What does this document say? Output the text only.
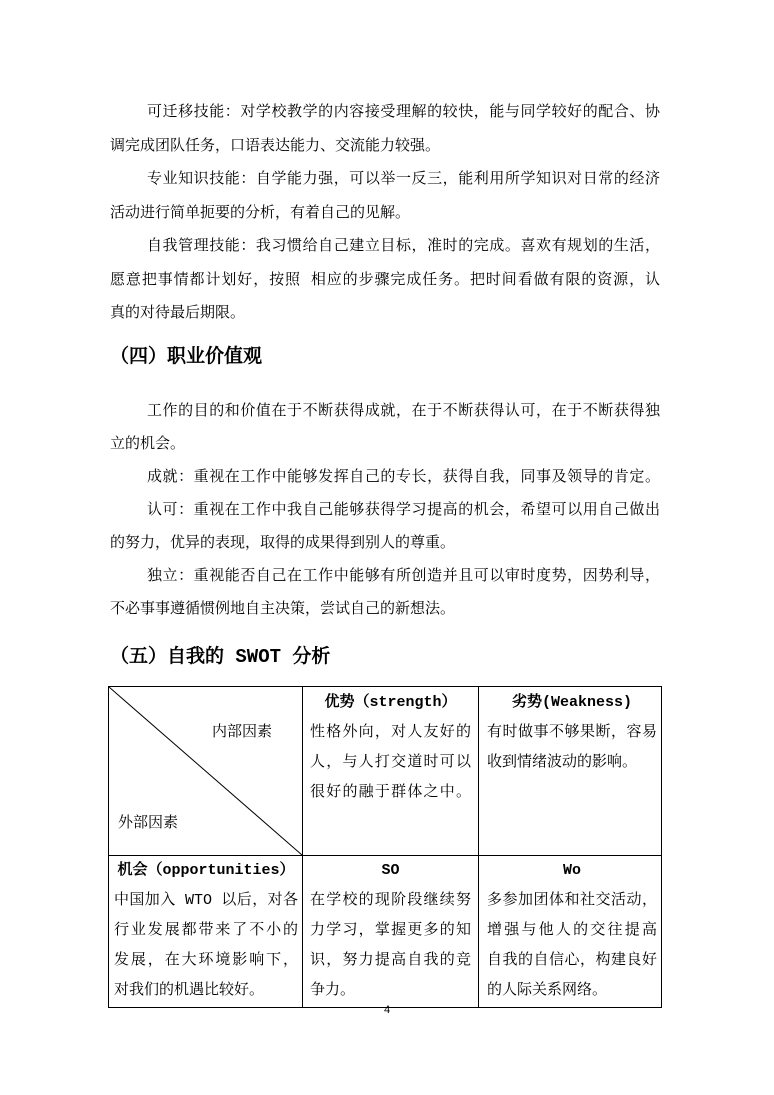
可迁移技能：对学校教学的内容接受理解的较快，能与同学较好的配合、协
调完成团队任务，口语表达能力、交流能力较强。
专业知识技能：自学能力强，可以举一反三，能利用所学知识对日常的经济
活动进行简单扼要的分析，有着自己的见解。
自我管理技能：我习惯给自己建立目标，准时的完成。喜欢有规划的生活，
愿意把事情都计划好，按照 相应的步骤完成任务。把时间看做有限的资源，认
真的对待最后期限。
（四）职业价值观
工作的目的和价值在于不断获得成就，在于不断获得认可，在于不断获得独
立的机会。
成就：重视在工作中能够发挥自己的专长，获得自我，同事及领导的肯定。
认可：重视在工作中我自己能够获得学习提高的机会，希望可以用自己做出
的努力，优异的表现，取得的成果得到别人的尊重。
独立：重视能否自己在工作中能够有所创造并且可以审时度势，因势利导，
不必事事遵循惯例地自主决策，尝试自己的新想法。
（五）自我的 SWOT 分析
内部因素
外部因素
优势（strength）
性格外向，对人友好的
人，与人打交道时可以
很好的融于群体之中。
劣势(Weakness)
有时做事不够果断，容易
收到情绪波动的影响。
机会（opportunities）
中国加入 WTO 以后，对各
行业发展都带来了不小的
发展，在大环境影响下，
对我们的机遇比较好。
SO
在学校的现阶段继续努
力学习，掌握更多的知
识，努力提高自我的竞
争力。
Wo
多参加团体和社交活动，
增强与他人的交往提高
自我的自信心，构建良好
的人际关系网络。
4
